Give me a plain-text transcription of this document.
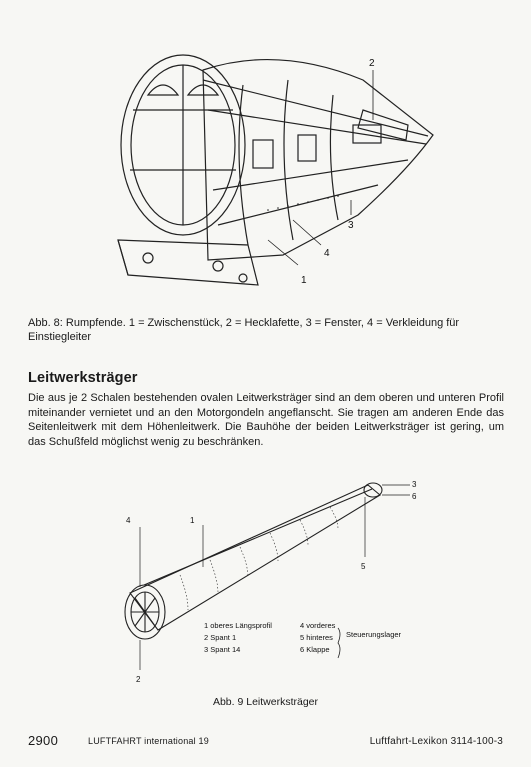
2
3
4
1
Abb. 8: Rumpfende. 1 = Zwischenstück, 2 = Hecklafette, 3 = Fenster, 4 = Verkleidung für Einstiegleiter
Leitwerksträger
Die aus je 2 Schalen bestehenden ovalen Leitwerksträger sind an dem oberen und unteren Profil miteinander vernietet und an den Motorgondeln angeflanscht. Sie tragen am anderen Ende das Seitenleitwerk mit dem Höhenleitwerk. Die Bauhöhe der beiden Leitwerksträger ist gering, um das Schußfeld möglichst wenig zu beschränken.
4	1
3
6
5
2
1 oberes Längsprofil
2 Spant 1
3 Spant 14
4 vorderes
5 hinteres
6 Klappe
Steuerungslager
Abb. 9 Leitwerksträger
2900	LUFTFAHRT international 19	Luftfahrt-Lexikon 3114-100-3
